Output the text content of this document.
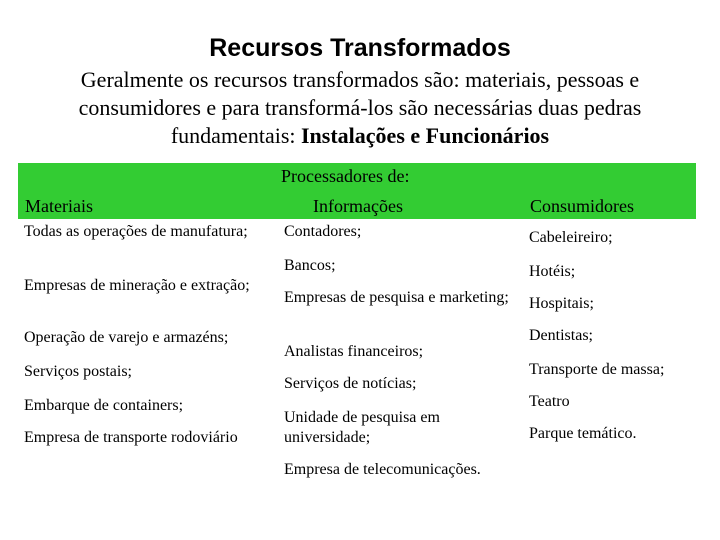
Recursos Transformados
Geralmente os recursos transformados são: materiais, pessoas e consumidores e para transformá-los são necessárias duas pedras fundamentais: Instalações e Funcionários
Processadores de:
Materiais	Informações	Consumidores
Todas as operações de manufatura;
Empresas de mineração e extração;
Operação de varejo e armazéns;
Serviços postais;
Embarque de containers;
Empresa de transporte rodoviário
Contadores;
Bancos;
Empresas de pesquisa e marketing;
Analistas financeiros;
Serviços de notícias;
Unidade de pesquisa em universidade;
Empresa de telecomunicações.
Cabeleireiro;
Hotéis;
Hospitais;
Dentistas;
Transporte de massa;
Teatro
Parque temático.
